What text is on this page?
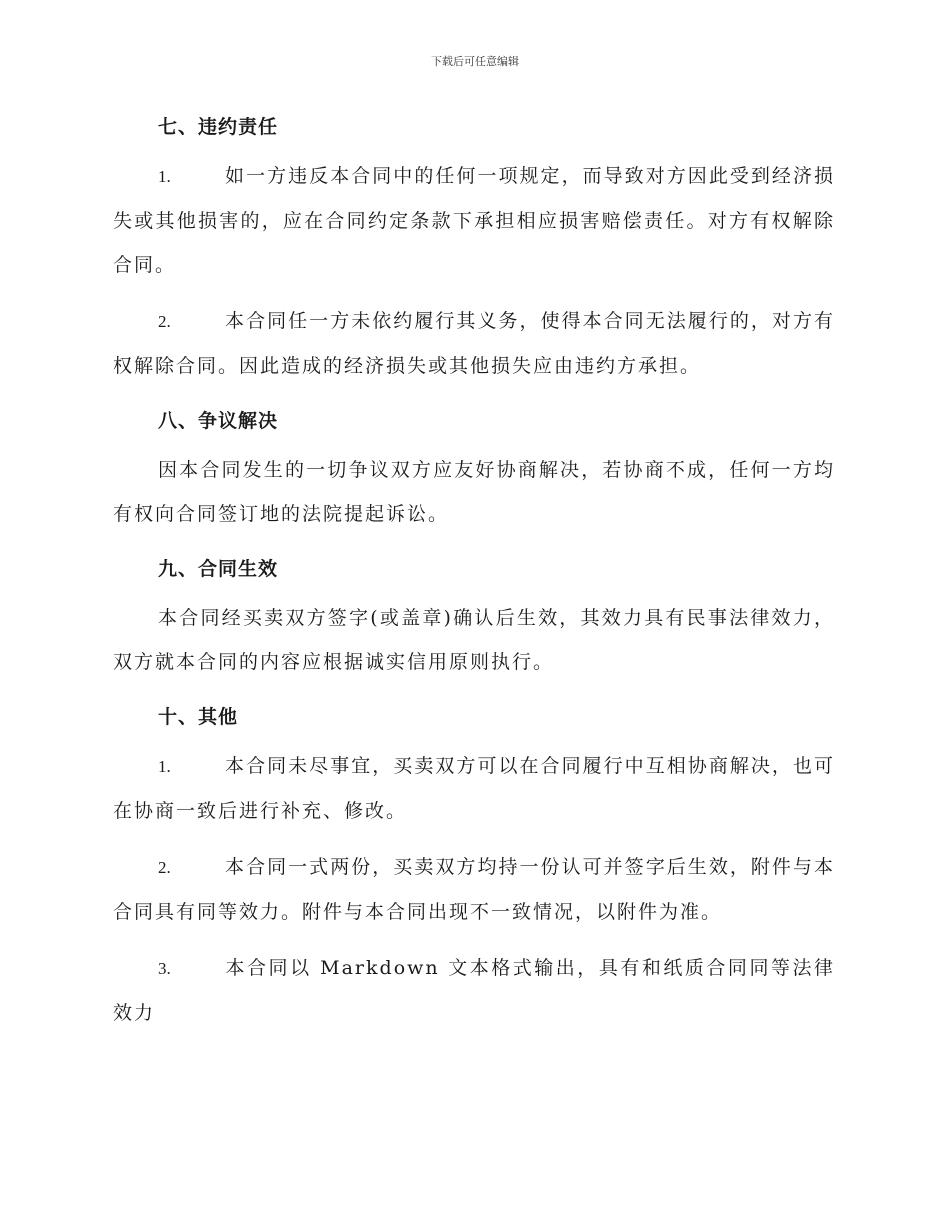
下载后可任意编辑
七、违约责任

1.	如一方违反本合同中的任何一项规定，而导致对方因此受到经济损失或其他损害的，应在合同约定条款下承担相应损害赔偿责任。对方有权解除合同。

2.	本合同任一方未依约履行其义务，使得本合同无法履行的，对方有权解除合同。因此造成的经济损失或其他损失应由违约方承担。

八、争议解决

因本合同发生的一切争议双方应友好协商解决，若协商不成，任何一方均有权向合同签订地的法院提起诉讼。

九、合同生效

本合同经买卖双方签字(或盖章)确认后生效，其效力具有民事法律效力，双方就本合同的内容应根据诚实信用原则执行。

十、其他

1.	本合同未尽事宜，买卖双方可以在合同履行中互相协商解决，也可在协商一致后进行补充、修改。

2.	本合同一式两份，买卖双方均持一份认可并签字后生效，附件与本合同具有同等效力。附件与本合同出现不一致情况，以附件为准。

3.	本合同以 Markdown 文本格式输出，具有和纸质合同同等法律效力
